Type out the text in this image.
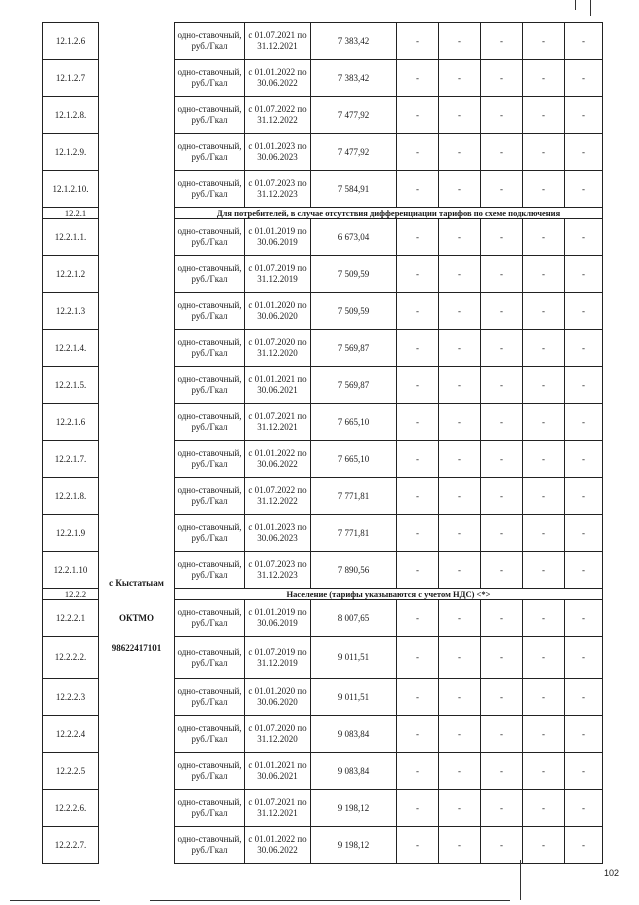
12.1.2.6		одно-ставочный, руб./Гкал	с 01.07.2021 по 31.12.2021	7 383,42	-	-	-	-	-
12.1.2.7		одно-ставочный, руб./Гкал	с 01.01.2022 по 30.06.2022	7 383,42	-	-	-	-	-
12.1.2.8.		одно-ставочный, руб./Гкал	с 01.07.2022 по 31.12.2022	7 477,92	-	-	-	-	-
12.1.2.9.		одно-ставочный, руб./Гкал	с 01.01.2023 по 30.06.2023	7 477,92	-	-	-	-	-
12.1.2.10.		одно-ставочный, руб./Гкал	с 01.07.2023 по 31.12.2023	7 584,91	-	-	-	-	-
12.2.1		Для потребителей, в случае отсутствия дифференциации тарифов по схеме подключения							
12.2.1.1.		одно-ставочный, руб./Гкал	с 01.01.2019 по 30.06.2019	6 673,04	-	-	-	-	-
12.2.1.2		одно-ставочный, руб./Гкал	с 01.07.2019 по 31.12.2019	7 509,59	-	-	-	-	-
12.2.1.3		одно-ставочный, руб./Гкал	с 01.01.2020 по 30.06.2020	7 509,59	-	-	-	-	-
12.2.1.4.		одно-ставочный, руб./Гкал	с 01.07.2020 по 31.12.2020	7 569,87	-	-	-	-	-
12.2.1.5.		одно-ставочный, руб./Гкал	с 01.01.2021 по 30.06.2021	7 569,87	-	-	-	-	-
12.2.1.6		одно-ставочный, руб./Гкал	с 01.07.2021 по 31.12.2021	7 665,10	-	-	-	-	-
12.2.1.7.		одно-ставочный, руб./Гкал	с 01.01.2022 по 30.06.2022	7 665,10	-	-	-	-	-
12.2.1.8.		одно-ставочный, руб./Гкал	с 01.07.2022 по 31.12.2022	7 771,81	-	-	-	-	-
12.2.1.9		одно-ставочный, руб./Гкал	с 01.01.2023 по 30.06.2023	7 771,81	-	-	-	-	-
12.2.1.10	с Кыстатыам	одно-ставочный, руб./Гкал	с 01.07.2023 по 31.12.2023	7 890,56	-	-	-	-	-
12.2.2		Население (тарифы указываются с учетом НДС) <*>							
12.2.2.1	ОКТМО	одно-ставочный, руб./Гкал	с 01.01.2019 по 30.06.2019	8 007,65	-	-	-	-	-
12.2.2.2.	98622417101	одно-ставочный, руб./Гкал	с 01.07.2019 по 31.12.2019	9 011,51	-	-	-	-	-
12.2.2.3		одно-ставочный, руб./Гкал	с 01.01.2020 по 30.06.2020	9 011,51	-	-	-	-	-
12.2.2.4		одно-ставочный, руб./Гкал	с 01.07.2020 по 31.12.2020	9 083,84	-	-	-	-	-
12.2.2.5		одно-ставочный, руб./Гкал	с 01.01.2021 по 30.06.2021	9 083,84	-	-	-	-	-
12.2.2.6.		одно-ставочный, руб./Гкал	с 01.07.2021 по 31.12.2021	9 198,12	-	-	-	-	-
12.2.2.7.		одно-ставочный, руб./Гкал	с 01.01.2022 по 30.06.2022	9 198,12	-	-	-	-	-
102
